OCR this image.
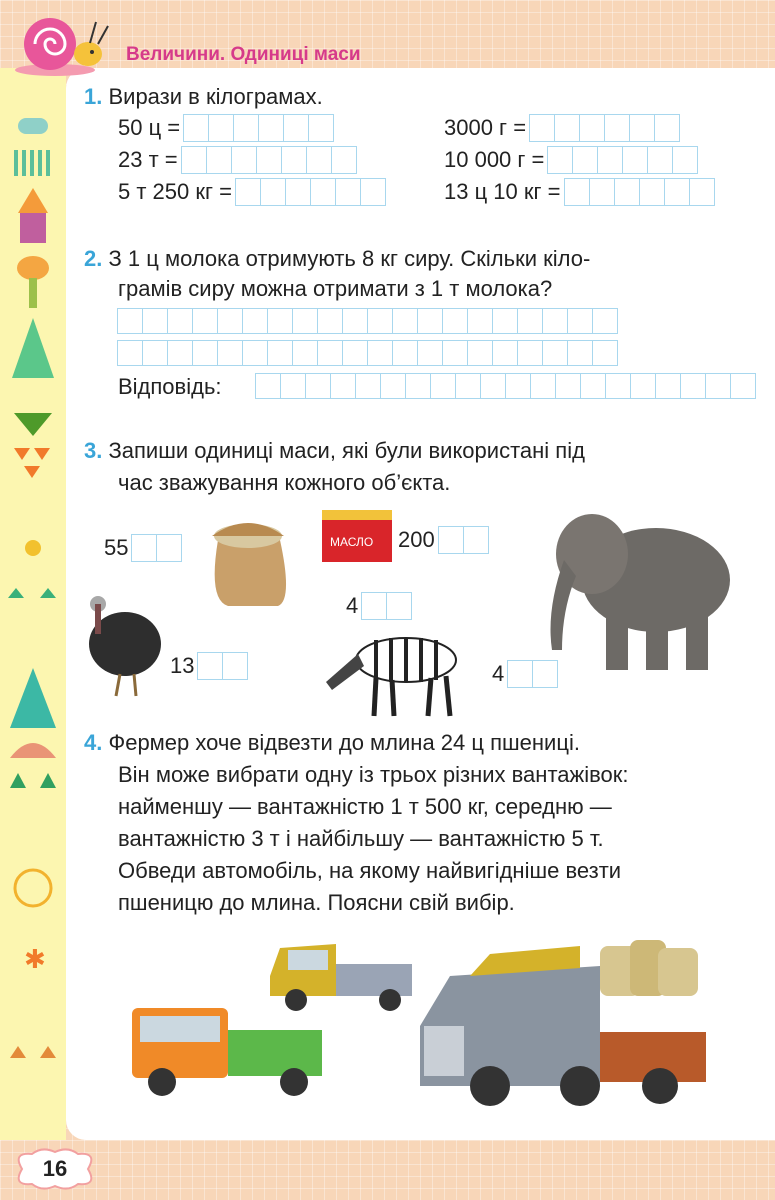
✱
Величини. Одиниці маси
1. Вирази в кілограмах.
50 ц =
23 т =
5 т 250 кг =
3000 г =
10 000 г =
13 ц 10 кг =
2. З 1 ц молока отримують 8 кг сиру. Скільки кіло-
грамів сиру можна отримати з 1 т молока?
Відповідь:
3. Запиши одиниці маси, які були використані під
час зважування кожного об’єкта.
55	МАСЛО 200
4
13
4
4. Фермер хоче відвезти до млина 24 ц пшениці.
Він може вибрати одну із трьох різних вантажівок:
найменшу — вантажністю 1 т 500 кг, середню —
вантажністю 3 т і найбільшу — вантажністю 5 т.
Обведи автомобіль, на якому найвигідніше везти
пшеницю до млина. Поясни свій вибір.
16
